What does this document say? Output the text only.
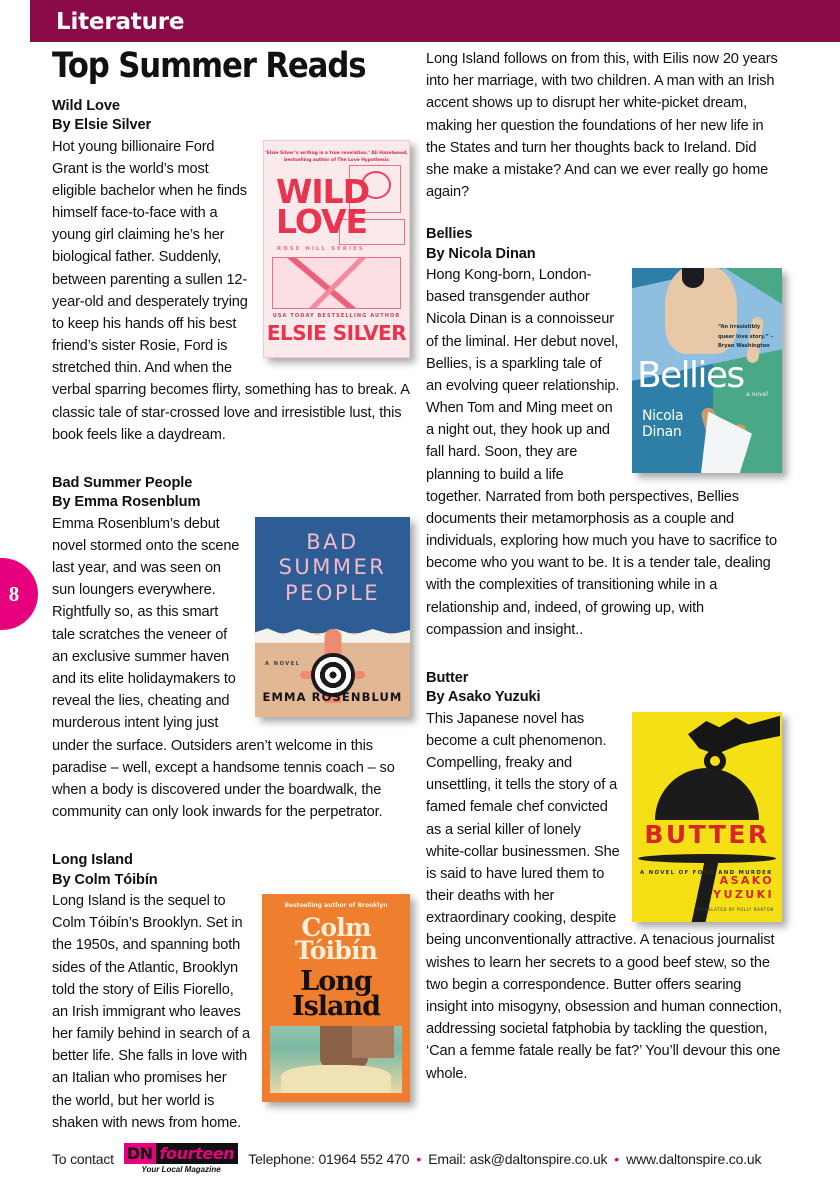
Literature
8
Top Summer Reads
Wild Love
By Elsie Silver
‘Elsie Silver’s writing is a true revelation.’ Ali Hazelwood, bestselling author of The Love Hypothesis
WILD
LOVE
ROSE HILL SERIES
USA TODAY BESTSELLING AUTHOR
ELSIE SILVER
Hot young billionaire Ford Grant is the world’s most eligible bachelor when he finds himself face-to-face with a young girl claiming he’s her biological father. Suddenly, between parenting a sullen 12-year-old and desperately trying to keep his hands off his best friend’s sister Rosie, Ford is stretched thin. And when the verbal sparring becomes flirty, something has to break. A classic tale of star-crossed love and irresistible lust, this book feels like a daydream.
Bad Summer People
By Emma Rosenblum
BAD SUMMER PEOPLE
A NOVEL
EMMA ROSENBLUM
Emma Rosenblum’s debut novel stormed onto the scene last year, and was seen on sun loungers everywhere. Rightfully so, as this smart tale scratches the veneer of an exclusive summer haven and its elite holidaymakers to reveal the lies, cheating and murderous intent lying just under the surface. Outsiders aren’t welcome in this paradise – well, except a handsome tennis coach – so when a body is discovered under the boardwalk, the community can only look inwards for the perpetrator.
Long Island
By Colm Tóibín
Bestselling author of Brooklyn
Colm
Tóibín
Long
Island
Long Island is the sequel to Colm Tóibín’s Brooklyn. Set in the 1950s, and spanning both sides of the Atlantic, Brooklyn told the story of Eilis Fiorello, an Irish immigrant who leaves her family behind in search of a better life. She falls in love with an Italian who promises her the world, but her world is shaken with news from home.
Long Island follows on from this, with Eilis now 20 years into her marriage, with two children. A man with an Irish accent shows up to disrupt her white-picket dream, making her question the foundations of her new life in the States and turn her thoughts back to Ireland. Did she make a mistake? And can we ever really go home again?
Bellies
By Nicola Dinan
“An irresistibly queer love story.” –Bryan Washington
Bellies a novel
Nicola
Dinan
Hong Kong-born, London-based transgender author Nicola Dinan is a connoisseur of the liminal. Her debut novel, Bellies, is a sparkling tale of an evolving queer relationship. When Tom and Ming meet on a night out, they hook up and fall hard. Soon, they are planning to build a life together. Narrated from both perspectives, Bellies documents their metamorphosis as a couple and individuals, exploring how much you have to sacrifice to become who you want to be. It is a tender tale, dealing with the complexities of transitioning while in a relationship and, indeed, of growing up, with compassion and insight..
Butter
By Asako Yuzuki
BUTTER
A NOVEL OF FOOD AND MURDER
ASAKO
YUZUKI
TRANSLATED BY POLLY BARTON
This Japanese novel has become a cult phenomenon. Compelling, freaky and unsettling, it tells the story of a famed female chef convicted as a serial killer of lonely white-collar businessmen. She is said to have lured them to their deaths with her extraordinary cooking, despite being unconventionally attractive. A tenacious journalist wishes to learn her secrets to a good beef stew, so the two begin a correspondence. Butter offers searing insight into misogyny, obsession and human connection, addressing societal fatphobia by tackling the question, ‘Can a femme fatale really be fat?’ You’ll devour this one whole.
To contact DN fourteen
Your Local Magazine
Telephone: 01964 552 470 • Email: ask@daltonspire.co.uk • www.daltonspire.co.uk
